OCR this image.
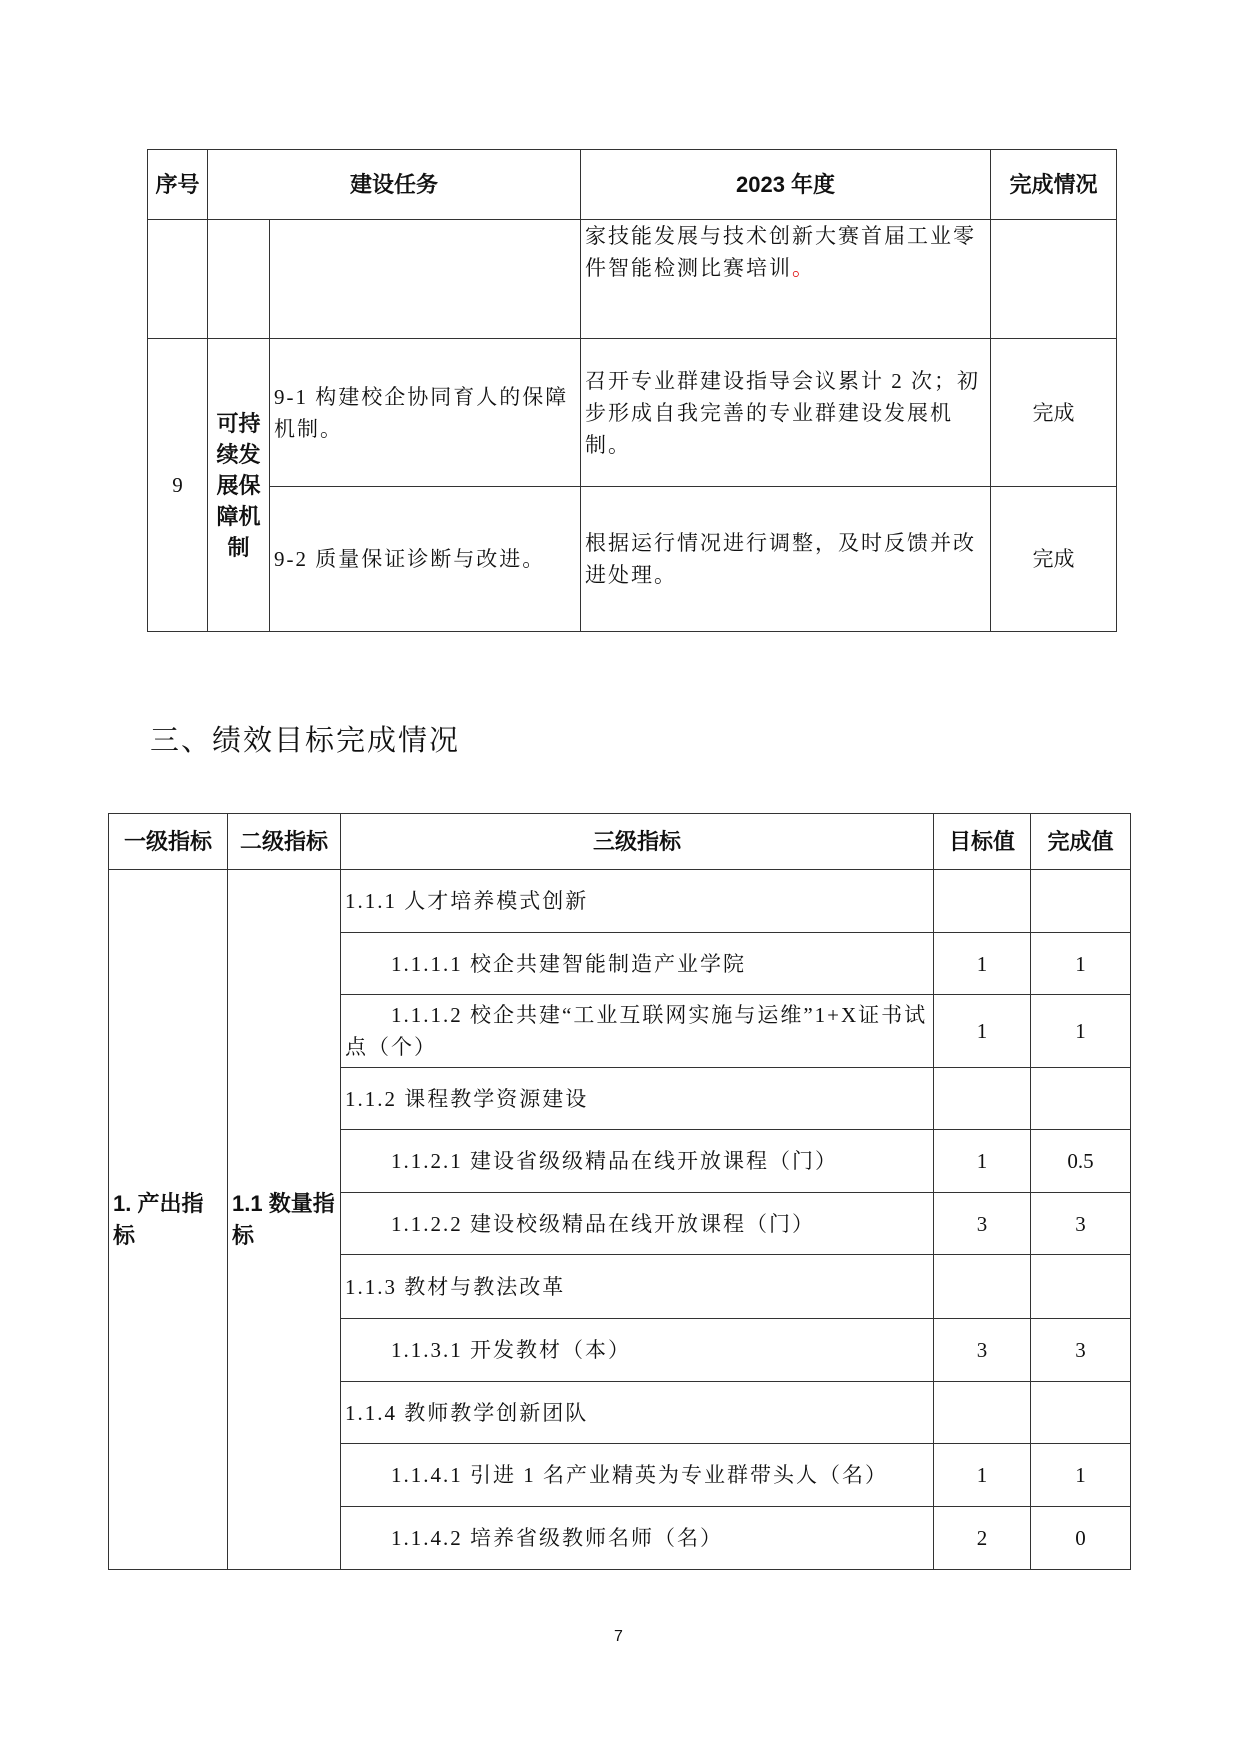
序号	建设任务		2023 年度	完成情况
			家技能发展与技术创新大赛首届工业零件智能检测比赛培训。	
9	可持续发展保障机制	9-1 构建校企协同育人的保障机制。	召开专业群建设指导会议累计 2 次；初步形成自我完善的专业群建设发展机制。	完成
		9-2 质量保证诊断与改进。	根据运行情况进行调整，及时反馈并改进处理。	完成
三、绩效目标完成情况
一级指标	二级指标	三级指标	目标值	完成值
1. 产出指标	1.1 数量指标	1.1.1 人才培养模式创新		
		1.1.1.1 校企共建智能制造产业学院	1	1
		1.1.1.2 校企共建“工业互联网实施与运维”1+X证书试点（个）	1	1
		1.1.2 课程教学资源建设		
		1.1.2.1 建设省级级精品在线开放课程（门）	1	0.5
		1.1.2.2 建设校级精品在线开放课程（门）	3	3
		1.1.3 教材与教法改革		
		1.1.3.1 开发教材（本）	3	3
		1.1.4 教师教学创新团队		
		1.1.4.1 引进 1 名产业精英为专业群带头人（名）	1	1
		1.1.4.2 培养省级教师名师（名）	2	0
7
